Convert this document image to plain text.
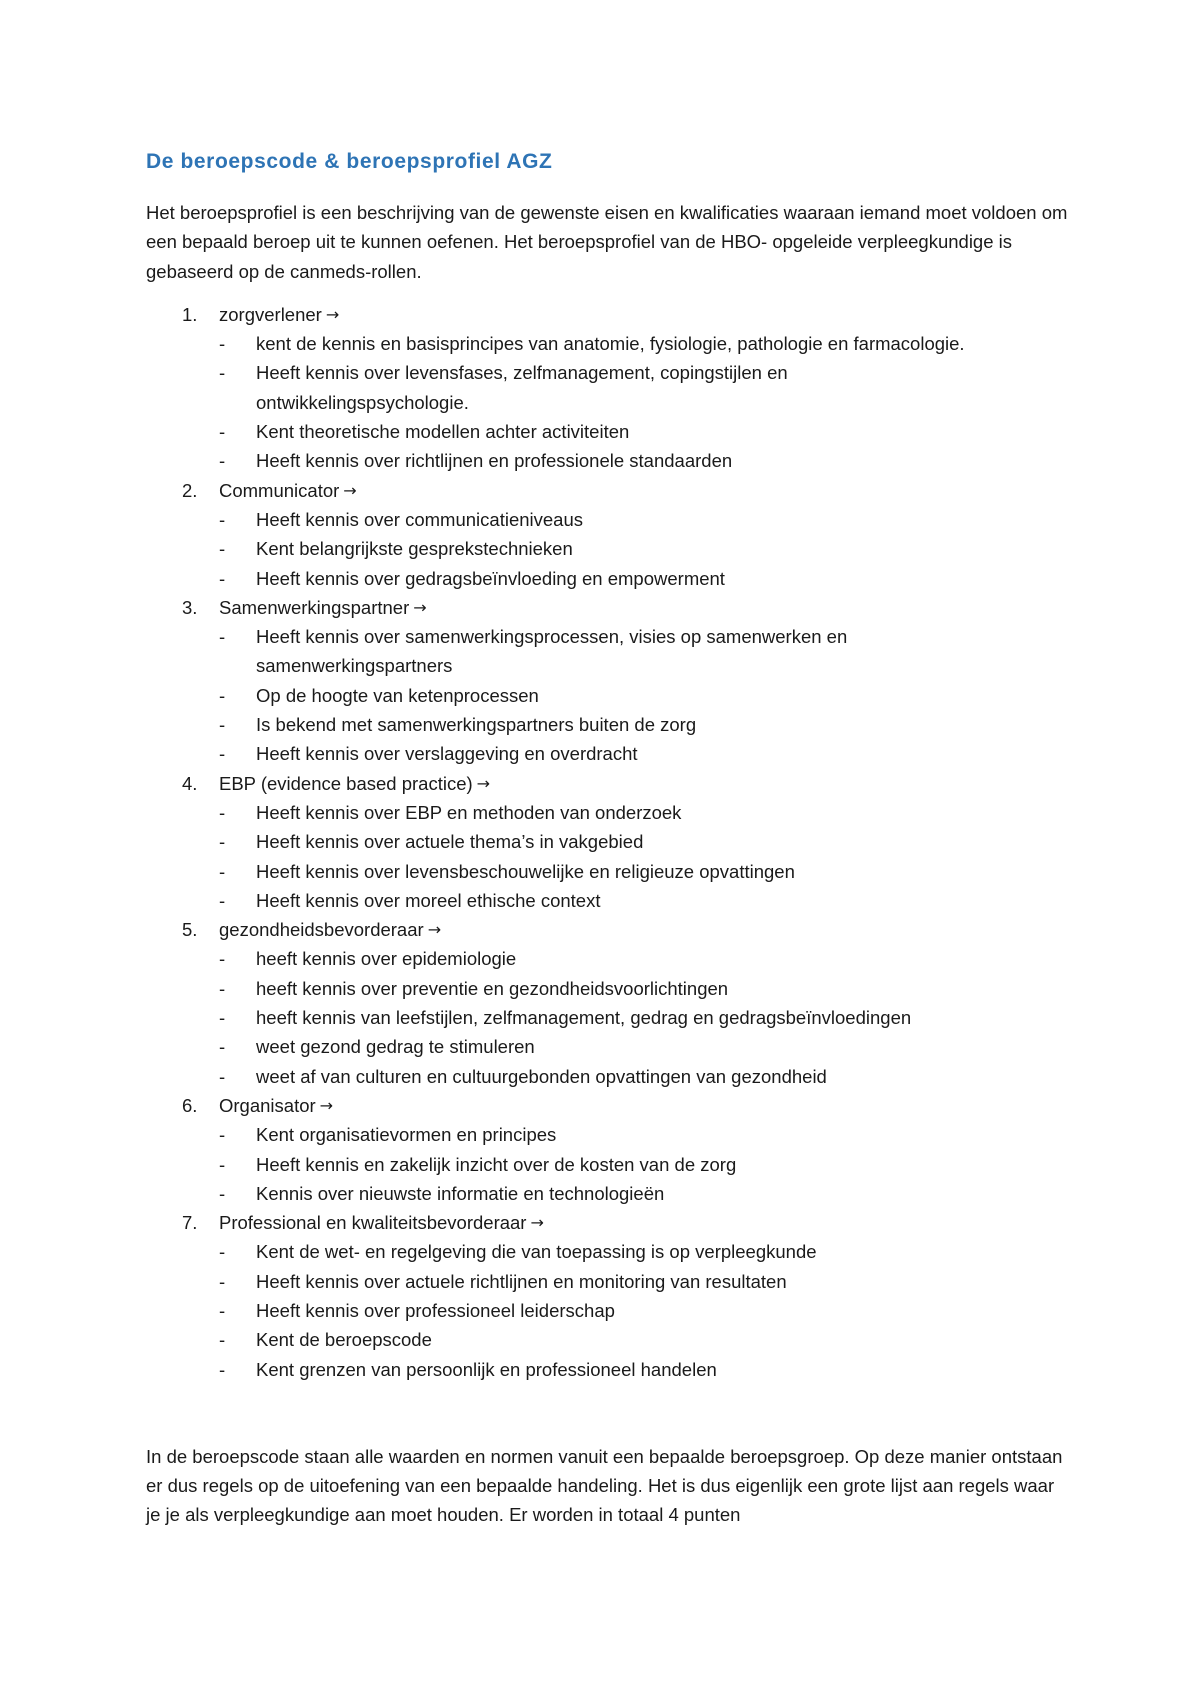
De beroepscode & beroepsprofiel AGZ

Het beroepsprofiel is een beschrijving van de gewenste eisen en kwalificaties waaraan iemand moet voldoen om een bepaald beroep uit te kunnen oefenen. Het beroepsprofiel van de HBO- opgeleide verpleegkundige is gebaseerd op de canmeds-rollen.

1.	zorgverlener →
-	kent de kennis en basisprincipes van anatomie, fysiologie, pathologie en farmacologie.
-	Heeft kennis over levensfases, zelfmanagement, copingstijlen en ontwikkelingspsychologie.
-	Kent theoretische modellen achter activiteiten
-	Heeft kennis over richtlijnen en professionele standaarden
2.	Communicator →
-	Heeft kennis over communicatieniveaus
-	Kent belangrijkste gesprekstechnieken
-	Heeft kennis over gedragsbeïnvloeding en empowerment
3.	Samenwerkingspartner →
-	Heeft kennis over samenwerkingsprocessen, visies op samenwerken en samenwerkingspartners
-	Op de hoogte van ketenprocessen
-	Is bekend met samenwerkingspartners buiten de zorg
-	Heeft kennis over verslaggeving en overdracht
4.	EBP (evidence based practice) →
-	Heeft kennis over EBP en methoden van onderzoek
-	Heeft kennis over actuele thema’s in vakgebied
-	Heeft kennis over levensbeschouwelijke en religieuze opvattingen
-	Heeft kennis over moreel ethische context
5.	gezondheidsbevorderaar →
-	heeft kennis over epidemiologie
-	heeft kennis over preventie en gezondheidsvoorlichtingen
-	heeft kennis van leefstijlen, zelfmanagement, gedrag en gedragsbeïnvloedingen
-	weet gezond gedrag te stimuleren
-	weet af van culturen en cultuurgebonden opvattingen van gezondheid
6.	Organisator →
-	Kent organisatievormen en principes
-	Heeft kennis en zakelijk inzicht over de kosten van de zorg
-	Kennis over nieuwste informatie en technologieën
7.	Professional en kwaliteitsbevorderaar →
-	Kent de wet- en regelgeving die van toepassing is op verpleegkunde
-	Heeft kennis over actuele richtlijnen en monitoring van resultaten
-	Heeft kennis over professioneel leiderschap
-	Kent de beroepscode
-	Kent grenzen van persoonlijk en professioneel handelen

In de beroepscode staan alle waarden en normen vanuit een bepaalde beroepsgroep. Op deze manier ontstaan er dus regels op de uitoefening van een bepaalde handeling. Het is dus eigenlijk een grote lijst aan regels waar je je als verpleegkundige aan moet houden. Er worden in totaal 4 punten
